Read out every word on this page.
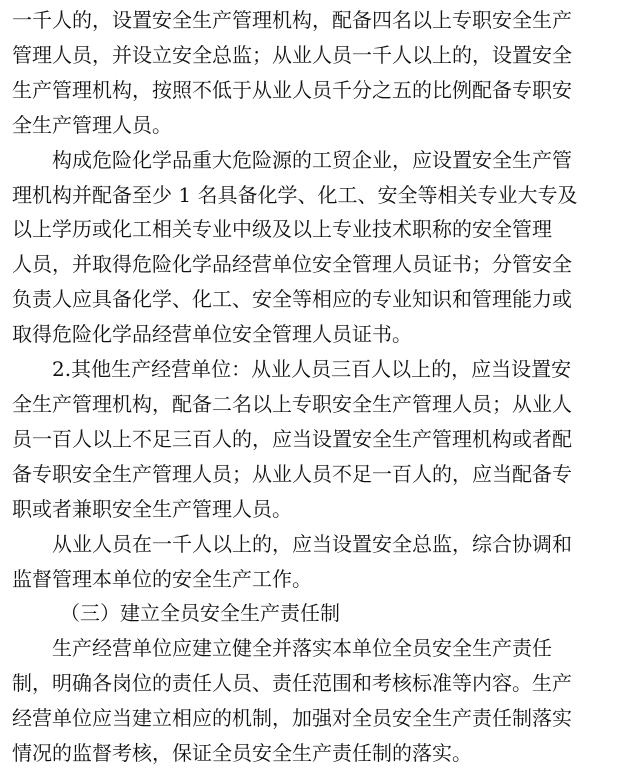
一千人的，设置安全生产管理机构，配备四名以上专职安全生产
管理人员，并设立安全总监；从业人员一千人以上的，设置安全
生产管理机构，按照不低于从业人员千分之五的比例配备专职安
全生产管理人员。
构成危险化学品重大危险源的工贸企业，应设置安全生产管
理机构并配备至少 1 名具备化学、化工、安全等相关专业大专及
以上学历或化工相关专业中级及以上专业技术职称的安全管理
人员，并取得危险化学品经营单位安全管理人员证书；分管安全
负责人应具备化学、化工、安全等相应的专业知识和管理能力或
取得危险化学品经营单位安全管理人员证书。
2.其他生产经营单位：从业人员三百人以上的，应当设置安
全生产管理机构，配备二名以上专职安全生产管理人员；从业人
员一百人以上不足三百人的，应当设置安全生产管理机构或者配
备专职安全生产管理人员；从业人员不足一百人的，应当配备专
职或者兼职安全生产管理人员。
从业人员在一千人以上的，应当设置安全总监，综合协调和
监督管理本单位的安全生产工作。
（三）建立全员安全生产责任制
生产经营单位应建立健全并落实本单位全员安全生产责任
制，明确各岗位的责任人员、责任范围和考核标准等内容。生产
经营单位应当建立相应的机制，加强对全员安全生产责任制落实
情况的监督考核，保证全员安全生产责任制的落实。
